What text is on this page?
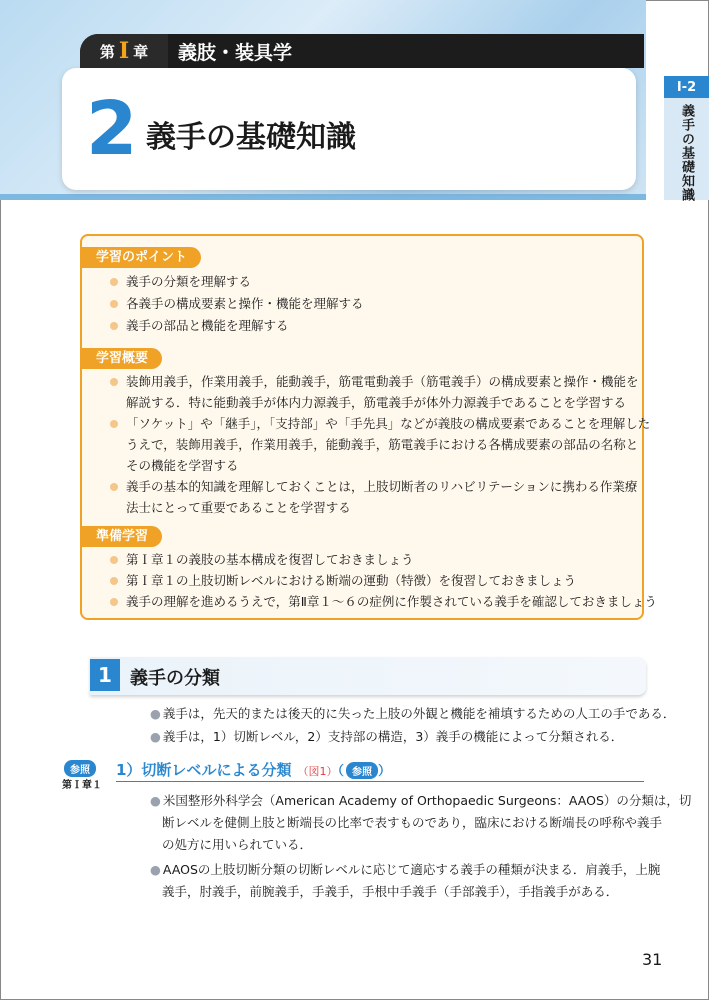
第 I 章 義肢・装具学
2 義手の基礎知識
I-2
義手の基礎知識
学習のポイント
義手の分類を理解する
各義手の構成要素と操作・機能を理解する
義手の部品と機能を理解する
学習概要
装飾用義手，作業用義手，能動義手，筋電電動義手（筋電義手）の構成要素と操作・機能を
解説する．特に能動義手が体内力源義手，筋電義手が体外力源義手であることを学習する
「ソケット」や「継手」，「支持部」や「手先具」などが義肢の構成要素であることを理解した
うえで，装飾用義手，作業用義手，能動義手，筋電義手における各構成要素の部品の名称と
その機能を学習する
義手の基本的知識を理解しておくことは，上肢切断者のリハビリテーションに携わる作業療
法士にとって重要であることを学習する
準備学習
第Ｉ章１の義肢の基本構成を復習しておきましょう
第Ｉ章１の上肢切断レベルにおける断端の運動（特徴）を復習しておきましょう
義手の理解を進めるうえで，第Ⅱ章１～６の症例に作製されている義手を確認しておきましょう
1	義手の分類
● 義手は，先天的または後天的に失った上肢の外観と機能を補填するための人工の手である．
● 義手は，1）切断レベル，2）支持部の構造，3）義手の機能によって分類される．
参照
第Ｉ章１
1）切断レベルによる分類 （図1）（ 参照 ）
● 米国整形外科学会（American Academy of Orthopaedic Surgeons：AAOS）の分類は，切
断レベルを健側上肢と断端長の比率で表すものであり，臨床における断端長の呼称や義手
の処方に用いられている．
● AAOSの上肢切断分類の切断レベルに応じて適応する義手の種類が決まる．肩義手，上腕
義手，肘義手，前腕義手，手義手，手根中手義手（手部義手），手指義手がある．
31
